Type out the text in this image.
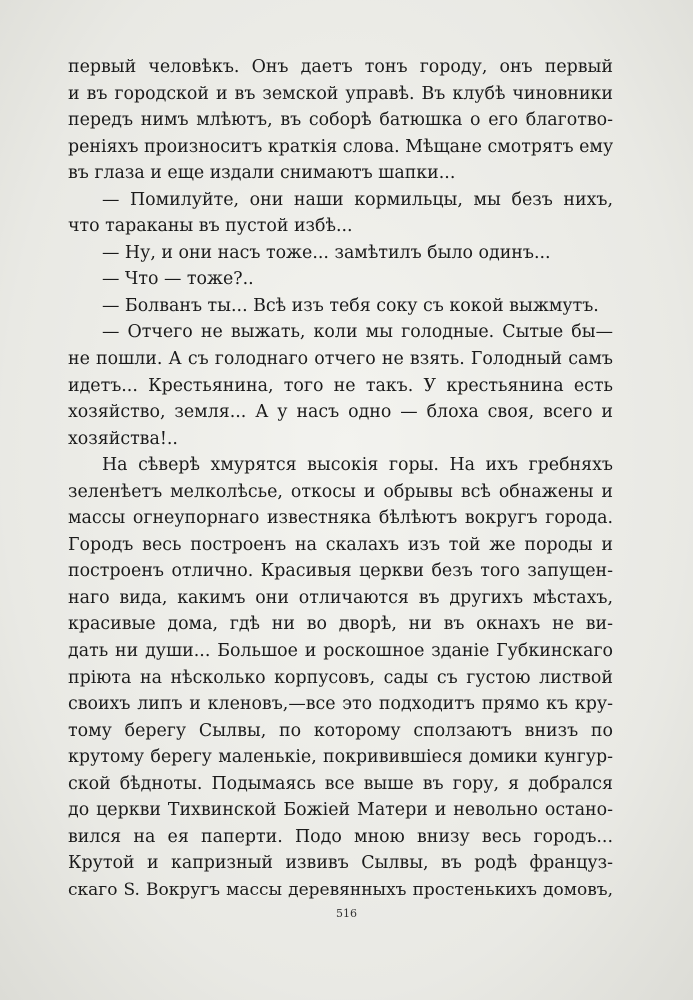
первый человѣкъ. Онъ даетъ тонъ городу, онъ первый
и въ городской и въ земской управѣ. Въ клубѣ чиновники
передъ нимъ млѣютъ, въ соборѣ батюшка о его благотво-
реніяхъ произноситъ краткія слова. Мѣщане смотрятъ ему
въ глаза и еще издали снимаютъ шапки...
— Помилуйте, они наши кормильцы, мы безъ нихъ,
что тараканы въ пустой избѣ...
— Ну, и они насъ тоже... замѣтилъ было одинъ...
— Что — тоже?..
— Болванъ ты... Всѣ изъ тебя соку съ кокой выжмутъ.
— Отчего не выжать, коли мы голодные. Сытые бы—
не пошли. А съ голоднаго отчего не взять. Голодный самъ
идетъ... Крестьянина, того не такъ. У крестьянина есть
хозяйство, земля... А у насъ одно — блоха своя, всего и
хозяйства!..
На сѣверѣ хмурятся высокія горы. На ихъ гребняхъ
зеленѣетъ мелколѣсье, откосы и обрывы всѣ обнажены и
массы огнеупорнаго известняка бѣлѣютъ вокругъ города.
Городъ весь построенъ на скалахъ изъ той же породы и
построенъ отлично. Красивыя церкви безъ того запущен-
наго вида, какимъ они отличаются въ другихъ мѣстахъ,
красивые дома, гдѣ ни во дворѣ, ни въ окнахъ не ви-
дать ни души... Большое и роскошное зданіе Губкинскаго
пріюта на нѣсколько корпусовъ, сады съ густою листвой
своихъ липъ и кленовъ,—все это подходитъ прямо къ кру-
тому берегу Сылвы, по которому сползаютъ внизъ по
крутому берегу маленькіе, покривившіеся домики кунгур-
ской бѣдноты. Подымаясь все выше въ гору, я добрался
до церкви Тихвинской Божіей Матери и невольно остано-
вился на ея паперти. Подо мною внизу весь городъ...
Крутой и капризный извивъ Сылвы, въ родѣ француз-
скаго S. Вокругъ массы деревянныхъ простенькихъ домовъ,
516
